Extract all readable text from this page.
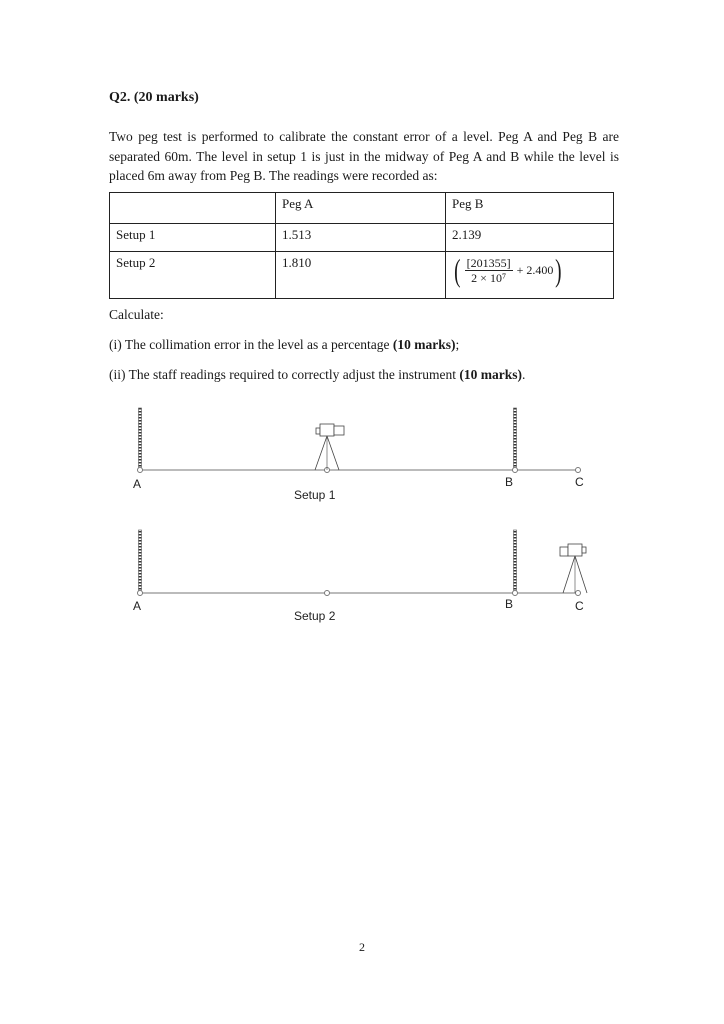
Q2. (20 marks)

Two peg test is performed to calibrate the constant error of a level. Peg A and Peg B are separated 60m. The level in setup 1 is just in the midway of Peg A and B while the level is placed 6m away from Peg B. The readings were recorded as:

	Peg A	Peg B
Setup 1	1.513	2.139
Setup 2	1.810	( $\frac{[201355]}{\text{2 × 10⁷}} + 2.400$ )

Calculate:

(i) The collimation error in the level as a percentage (10 marks);

(ii) The staff readings required to correctly adjust the instrument (10 marks).

A	B	C
Setup 1
A	B	C
Setup 2

2
